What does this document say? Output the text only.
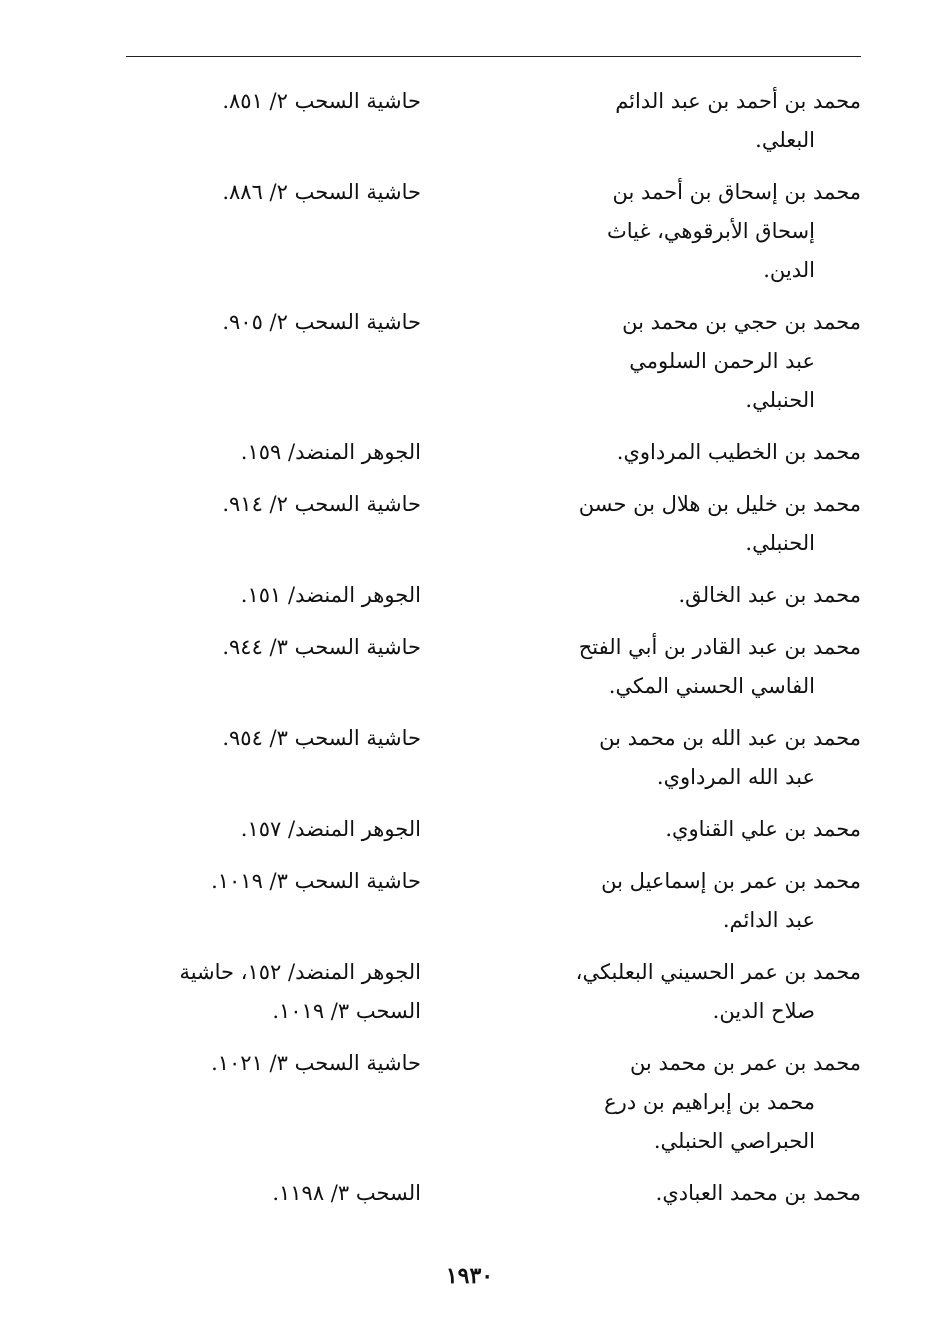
محمد بن أحمد بن عبد الدائم
البعلي.
حاشية السحب ٢/ ٨٥١.
محمد بن إسحاق بن أحمد بن
إسحاق الأبرقوهي، غياث
الدين.
حاشية السحب ٢/ ٨٨٦.
محمد بن حجي بن محمد بن
عبد الرحمن السلومي
الحنبلي.
حاشية السحب ٢/ ٩٠٥.
محمد بن الخطيب المرداوي.
الجوهر المنضد/ ١٥٩.
محمد بن خليل بن هلال بن حسن
الحنبلي.
حاشية السحب ٢/ ٩١٤.
محمد بن عبد الخالق.
الجوهر المنضد/ ١٥١.
محمد بن عبد القادر بن أبي الفتح
الفاسي الحسني المكي.
حاشية السحب ٣/ ٩٤٤.
محمد بن عبد الله بن محمد بن
عبد الله المرداوي.
حاشية السحب ٣/ ٩٥٤.
محمد بن علي القناوي.
الجوهر المنضد/ ١٥٧.
محمد بن عمر بن إسماعيل بن
عبد الدائم.
حاشية السحب ٣/ ١٠١٩.
محمد بن عمر الحسيني البعلبكي،
صلاح الدين.
الجوهر المنضد/ ١٥٢، حاشية
السحب ٣/ ١٠١٩.
محمد بن عمر بن محمد بن
محمد بن إبراهيم بن درع
الحبراصي الحنبلي.
حاشية السحب ٣/ ١٠٢١.
محمد بن محمد العبادي.
السحب ٣/ ١١٩٨.
١٩٣٠
